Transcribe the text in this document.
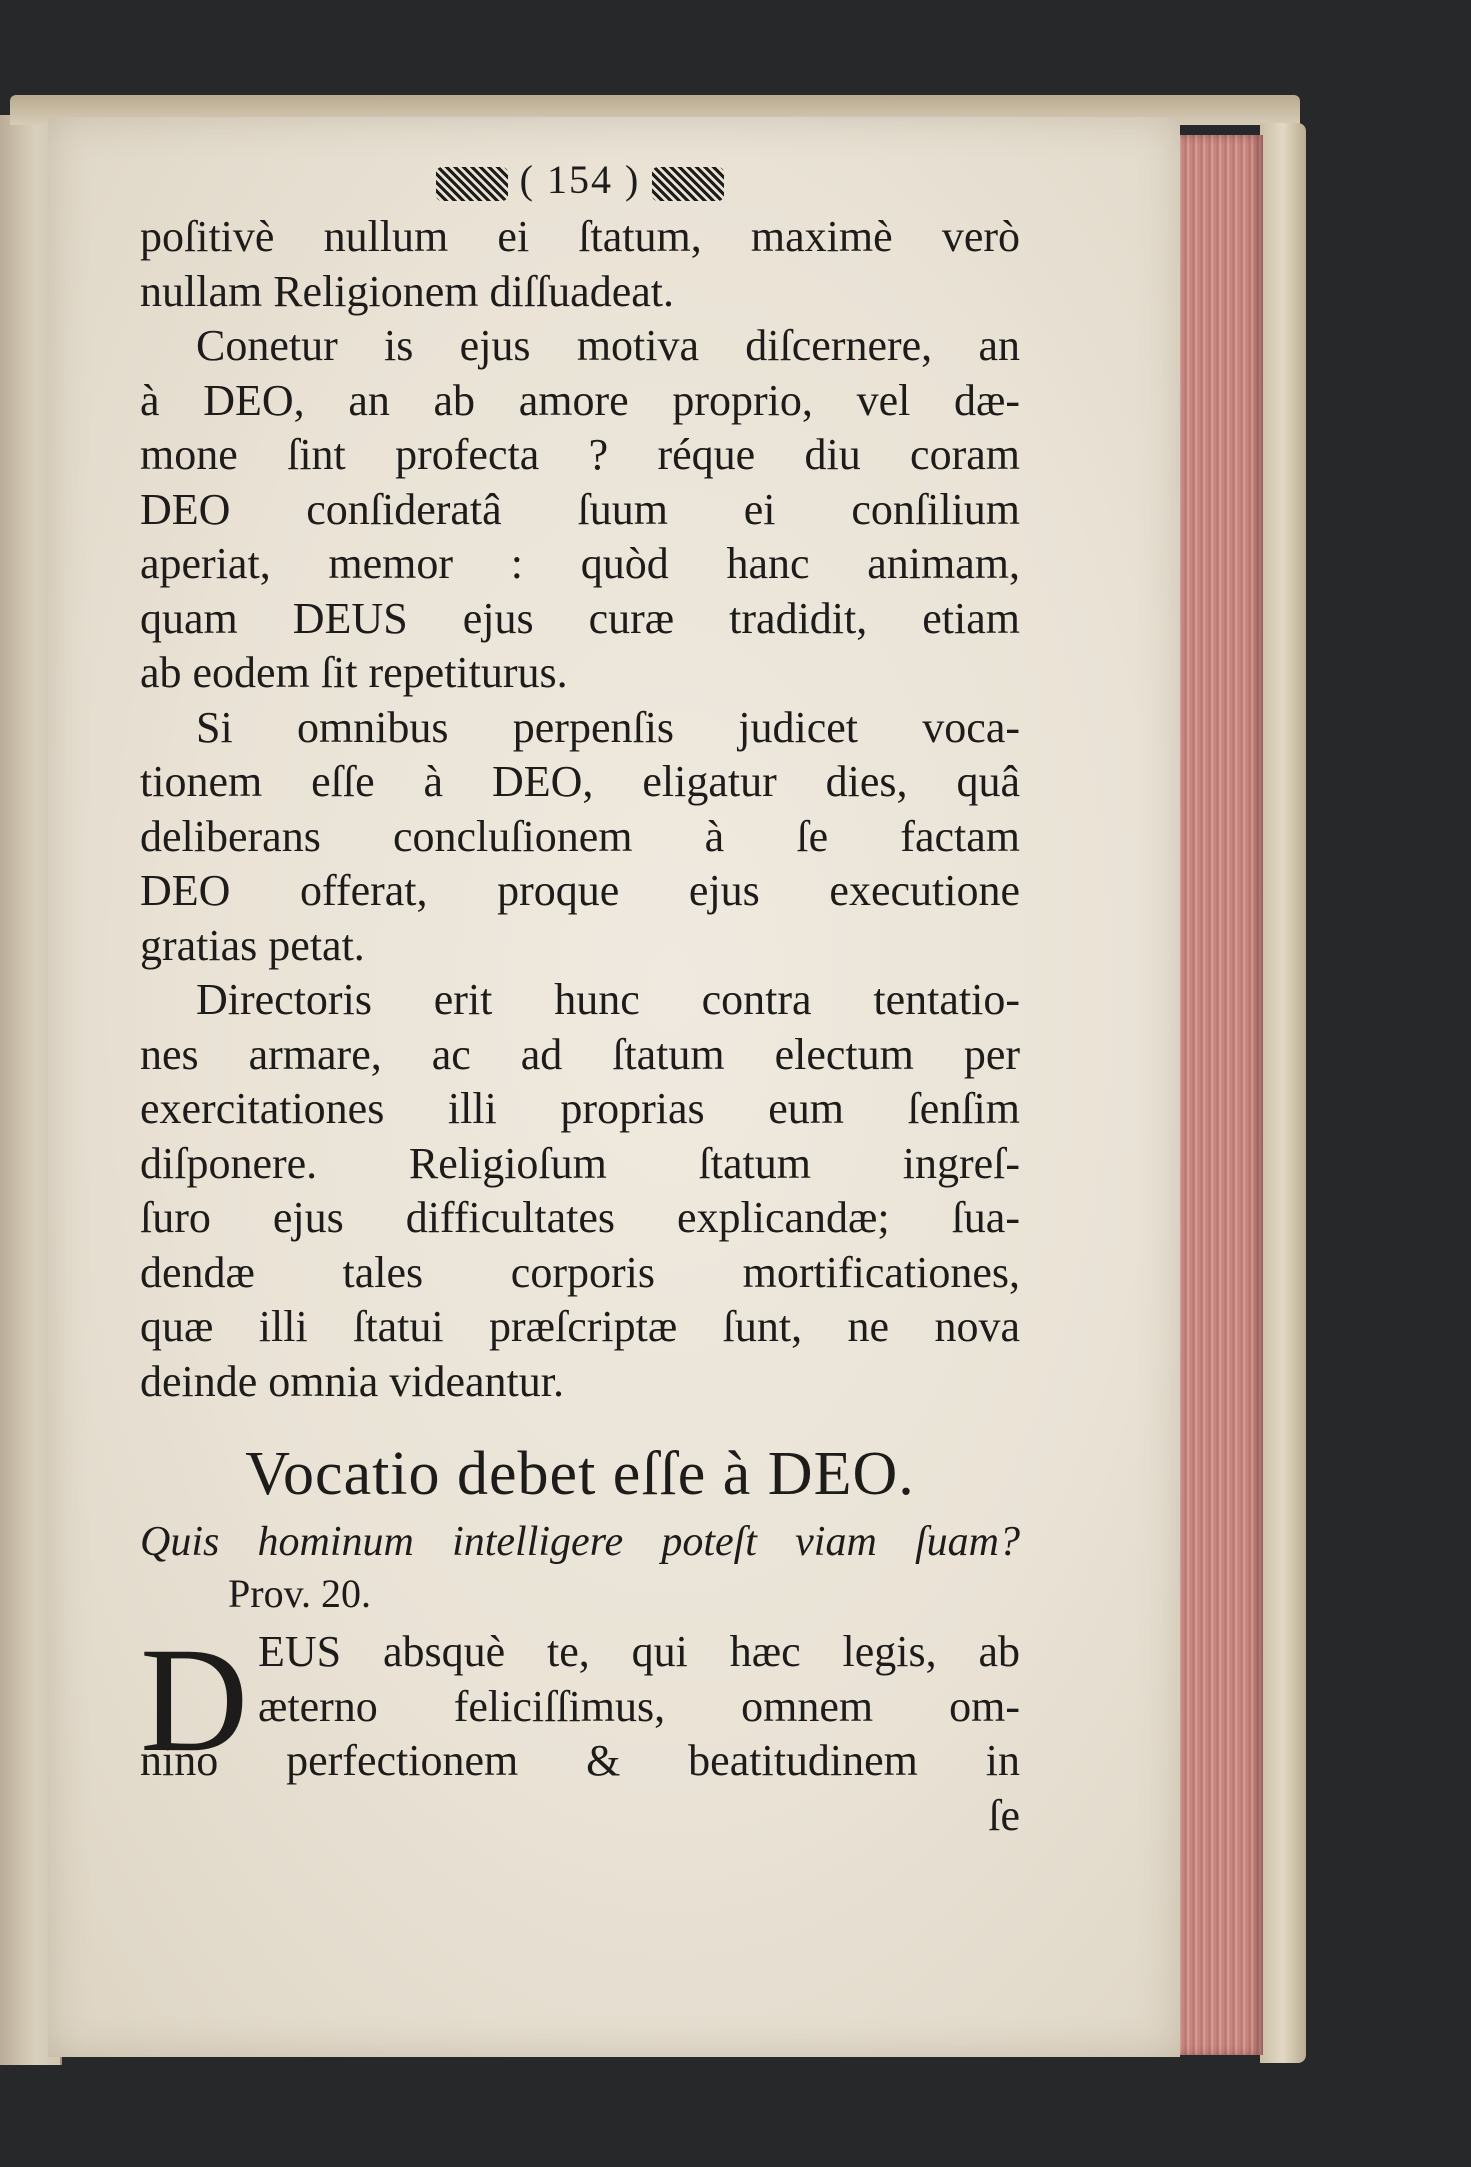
( 154 )
poſitivè nullum ei ſtatum, maximè verò
nullam Religionem diſſuadeat.
Conetur is ejus motiva diſcernere, an
à DEO, an ab amore proprio, vel dæ-
mone ſint profecta ? réque diu coram
DEO conſideratâ ſuum ei conſilium
aperiat, memor : quòd hanc animam,
quam DEUS ejus curæ tradidit, etiam
ab eodem ſit repetiturus.
Si omnibus perpenſis judicet voca-
tionem eſſe à DEO, eligatur dies, quâ
deliberans concluſionem à ſe factam
DEO offerat, proque ejus executione
gratias petat.
Directoris erit hunc contra tentatio-
nes armare, ac ad ſtatum electum per
exercitationes illi proprias eum ſenſim
diſponere. Religioſum ſtatum ingreſ-
ſuro ejus difficultates explicandæ; ſua-
dendæ tales corporis mortificationes,
quæ illi ſtatui præſcriptæ ſunt, ne nova
deinde omnia videantur.
Vocatio debet eſſe à DEO.
Quis hominum intelligere poteſt viam ſuam?
Prov. 20.
D EUS absquè te, qui hæc legis, ab
æterno feliciſſimus, omnem om-
nino perfectionem & beatitudinem in
ſe
